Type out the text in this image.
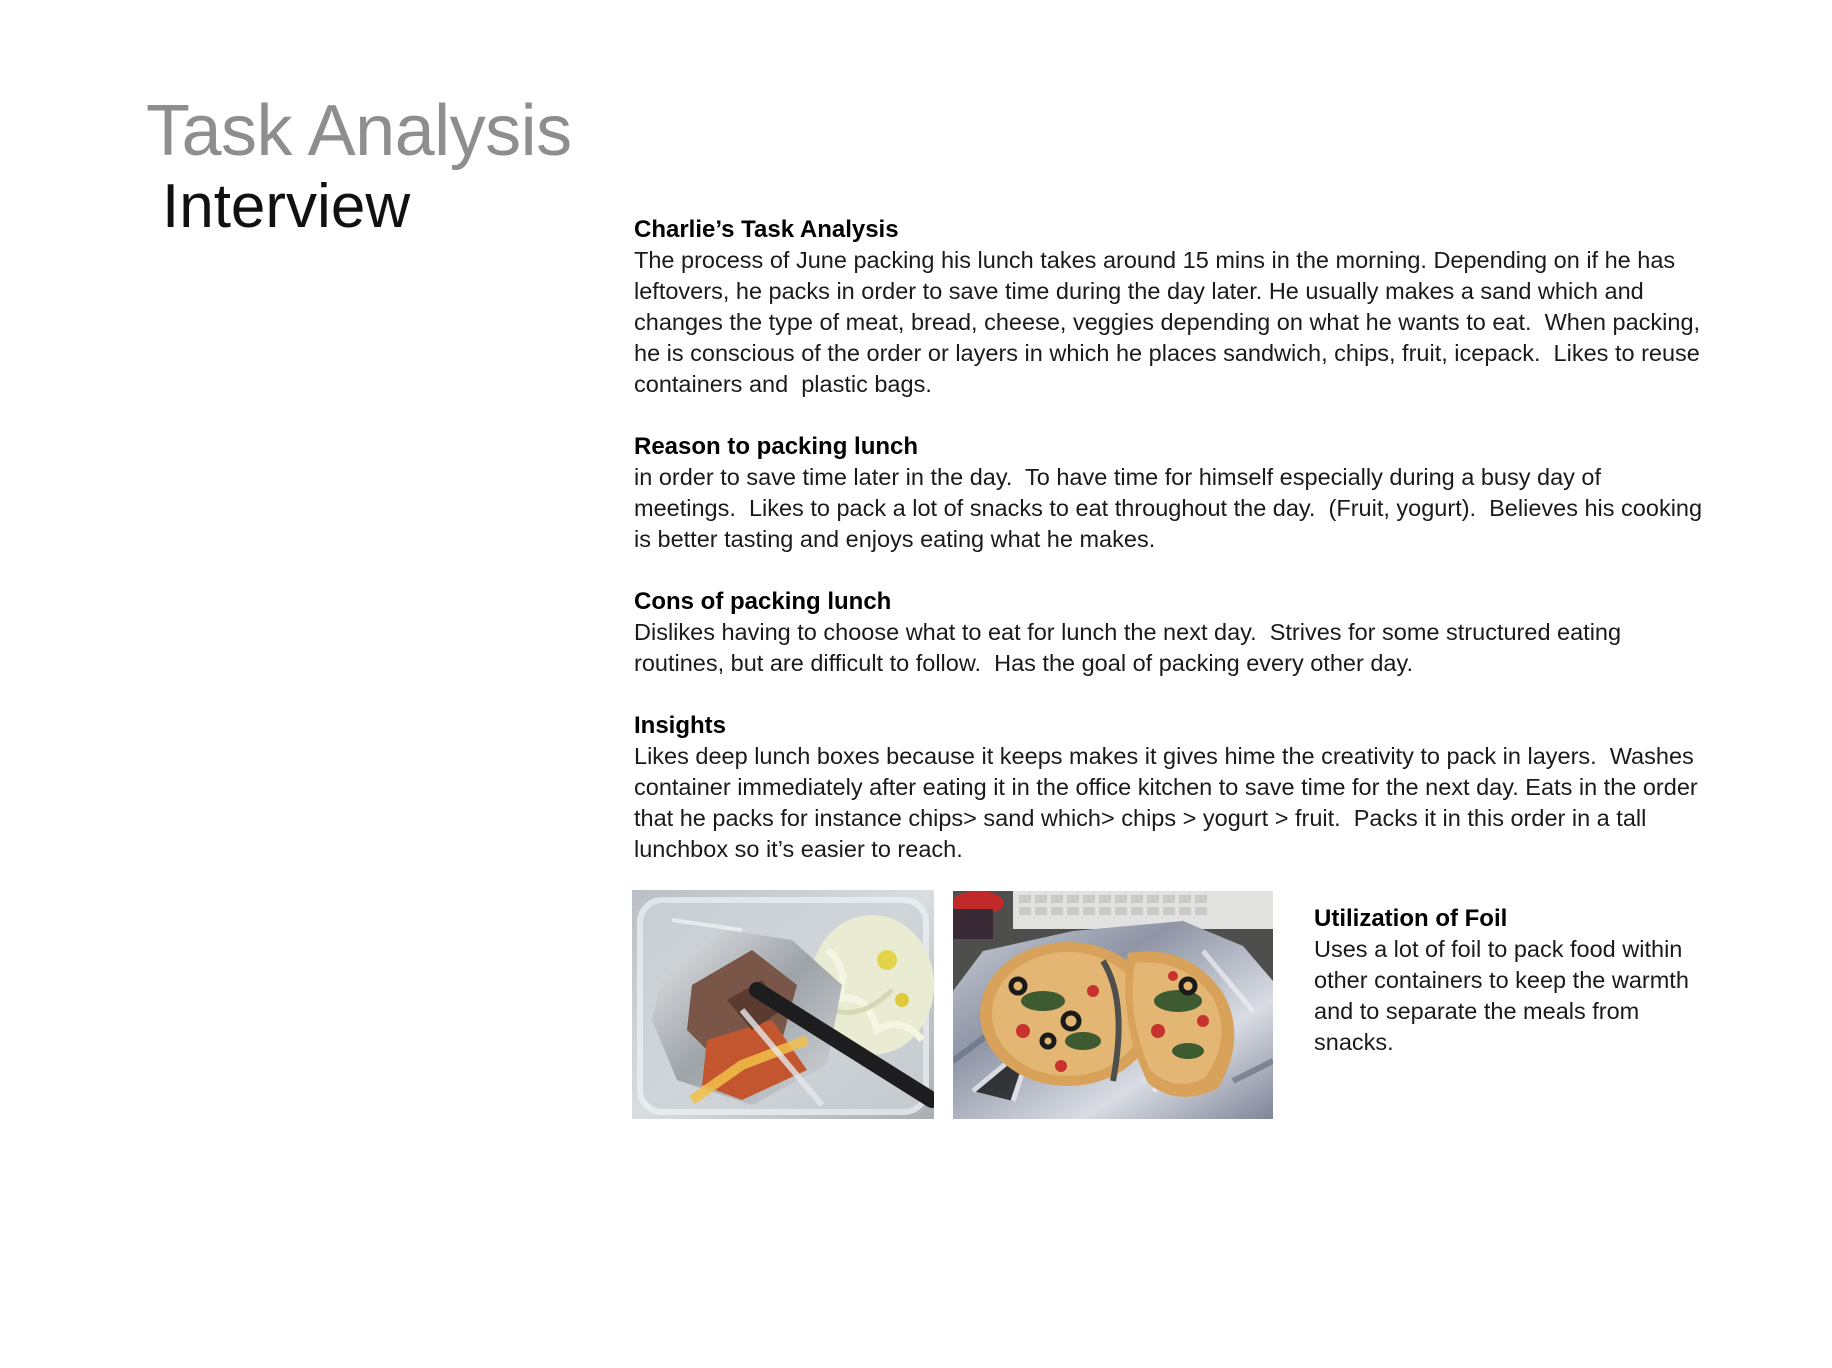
Task Analysis
Interview	Charlie’s Task Analysis

The process of June packing his lunch takes around 15 mins in the morning. Depending on if he has leftovers, he packs in order to save time during the day later. He usually makes a sand which and changes the type of meat, bread, cheese, veggies depending on what he wants to eat.  When packing, he is conscious of the order or layers in which he places sandwich, chips, fruit, icepack.  Likes to reuse containers and  plastic bags.

Reason to packing lunch

in order to save time later in the day.  To have time for himself especially during a busy day of meetings.  Likes to pack a lot of snacks to eat throughout the day.  (Fruit, yogurt).  Believes his cooking is better tasting and enjoys eating what he makes.

Cons of packing lunch

Dislikes having to choose what to eat for lunch the next day.  Strives for some structured eating routines, but are difficult to follow.  Has the goal of packing every other day.

Insights

Likes deep lunch boxes because it keeps makes it gives hime the creativity to pack in layers.  Washes container immediately after eating it in the office kitchen to save time for the next day. Eats in the order that he packs for instance chips> sand which> chips > yogurt > fruit.  Packs it in this order in a tall lunchbox so it’s easier to reach.

Utilization of Foil

Uses a lot of foil to pack food within other containers to keep the warmth and to separate the meals from snacks.
